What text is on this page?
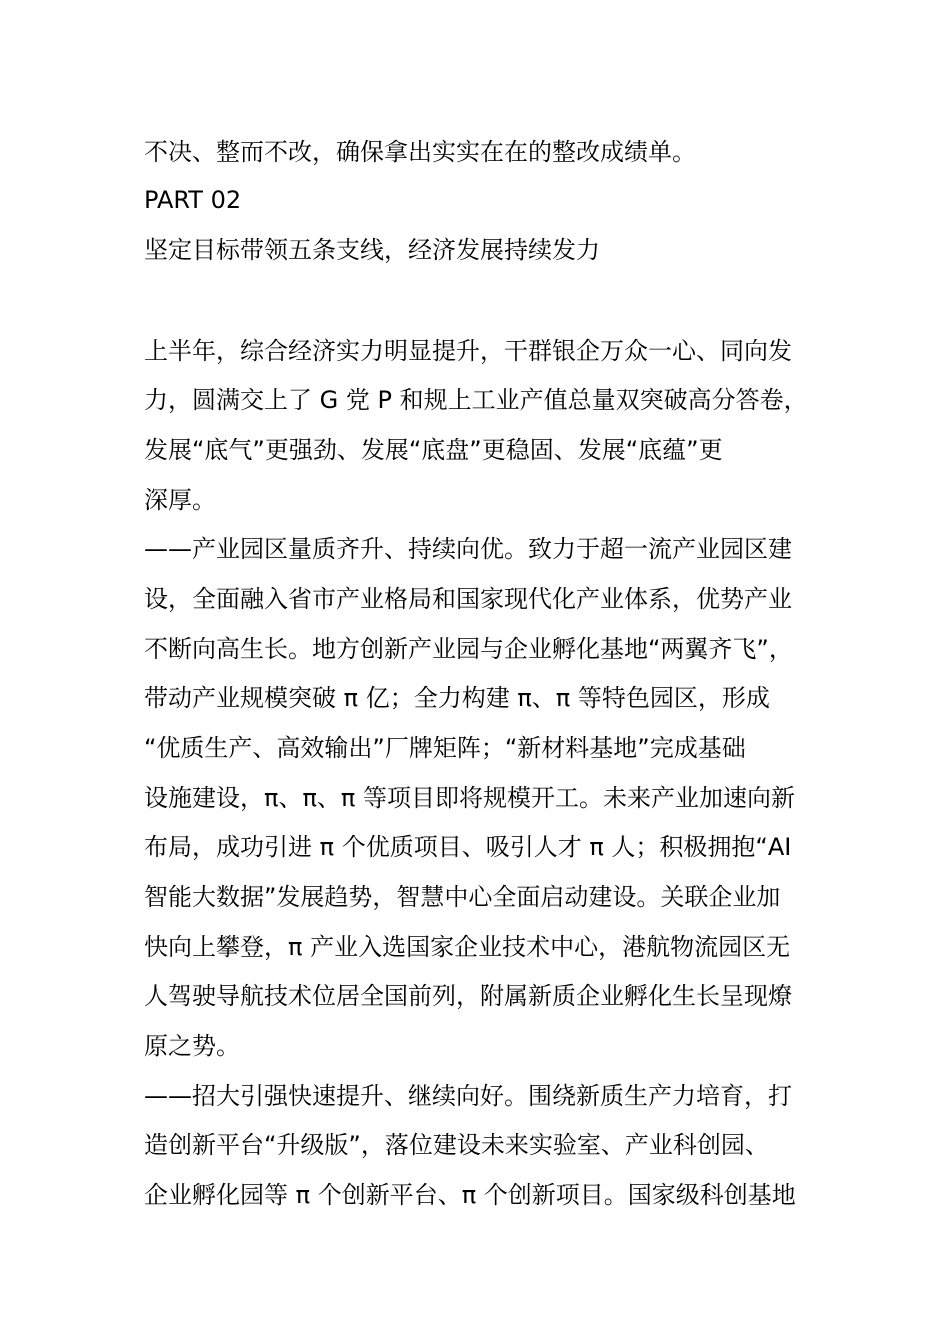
不决、整而不改，确保拿出实实在在的整改成绩单。

PART 02

坚定目标带领五条支线，经济发展持续发力

上半年，综合经济实力明显提升，干群银企万众一心、同向发

力，圆满交上了 G 党 P 和规上工业产值总量双突破高分答卷，

发展“底气”更强劲、发展“底盘”更稳固、发展“底蕴”更

深厚。

——产业园区量质齐升、持续向优。致力于超一流产业园区建

设，全面融入省市产业格局和国家现代化产业体系，优势产业

不断向高生长。地方创新产业园与企业孵化基地“两翼齐飞”，

带动产业规模突破 π 亿；全力构建 π、π 等特色园区，形成

“优质生产、高效输出”厂牌矩阵；“新材料基地”完成基础

设施建设，π、π、π 等项目即将规模开工。未来产业加速向新

布局，成功引进 π 个优质项目、吸引人才 π 人；积极拥抱“AI

智能大数据”发展趋势，智慧中心全面启动建设。关联企业加

快向上攀登，π 产业入选国家企业技术中心，港航物流园区无

人驾驶导航技术位居全国前列，附属新质企业孵化生长呈现燎

原之势。

——招大引强快速提升、继续向好。围绕新质生产力培育，打

造创新平台“升级版”，落位建设未来实验室、产业科创园、

企业孵化园等 π 个创新平台、π 个创新项目。国家级科创基地
